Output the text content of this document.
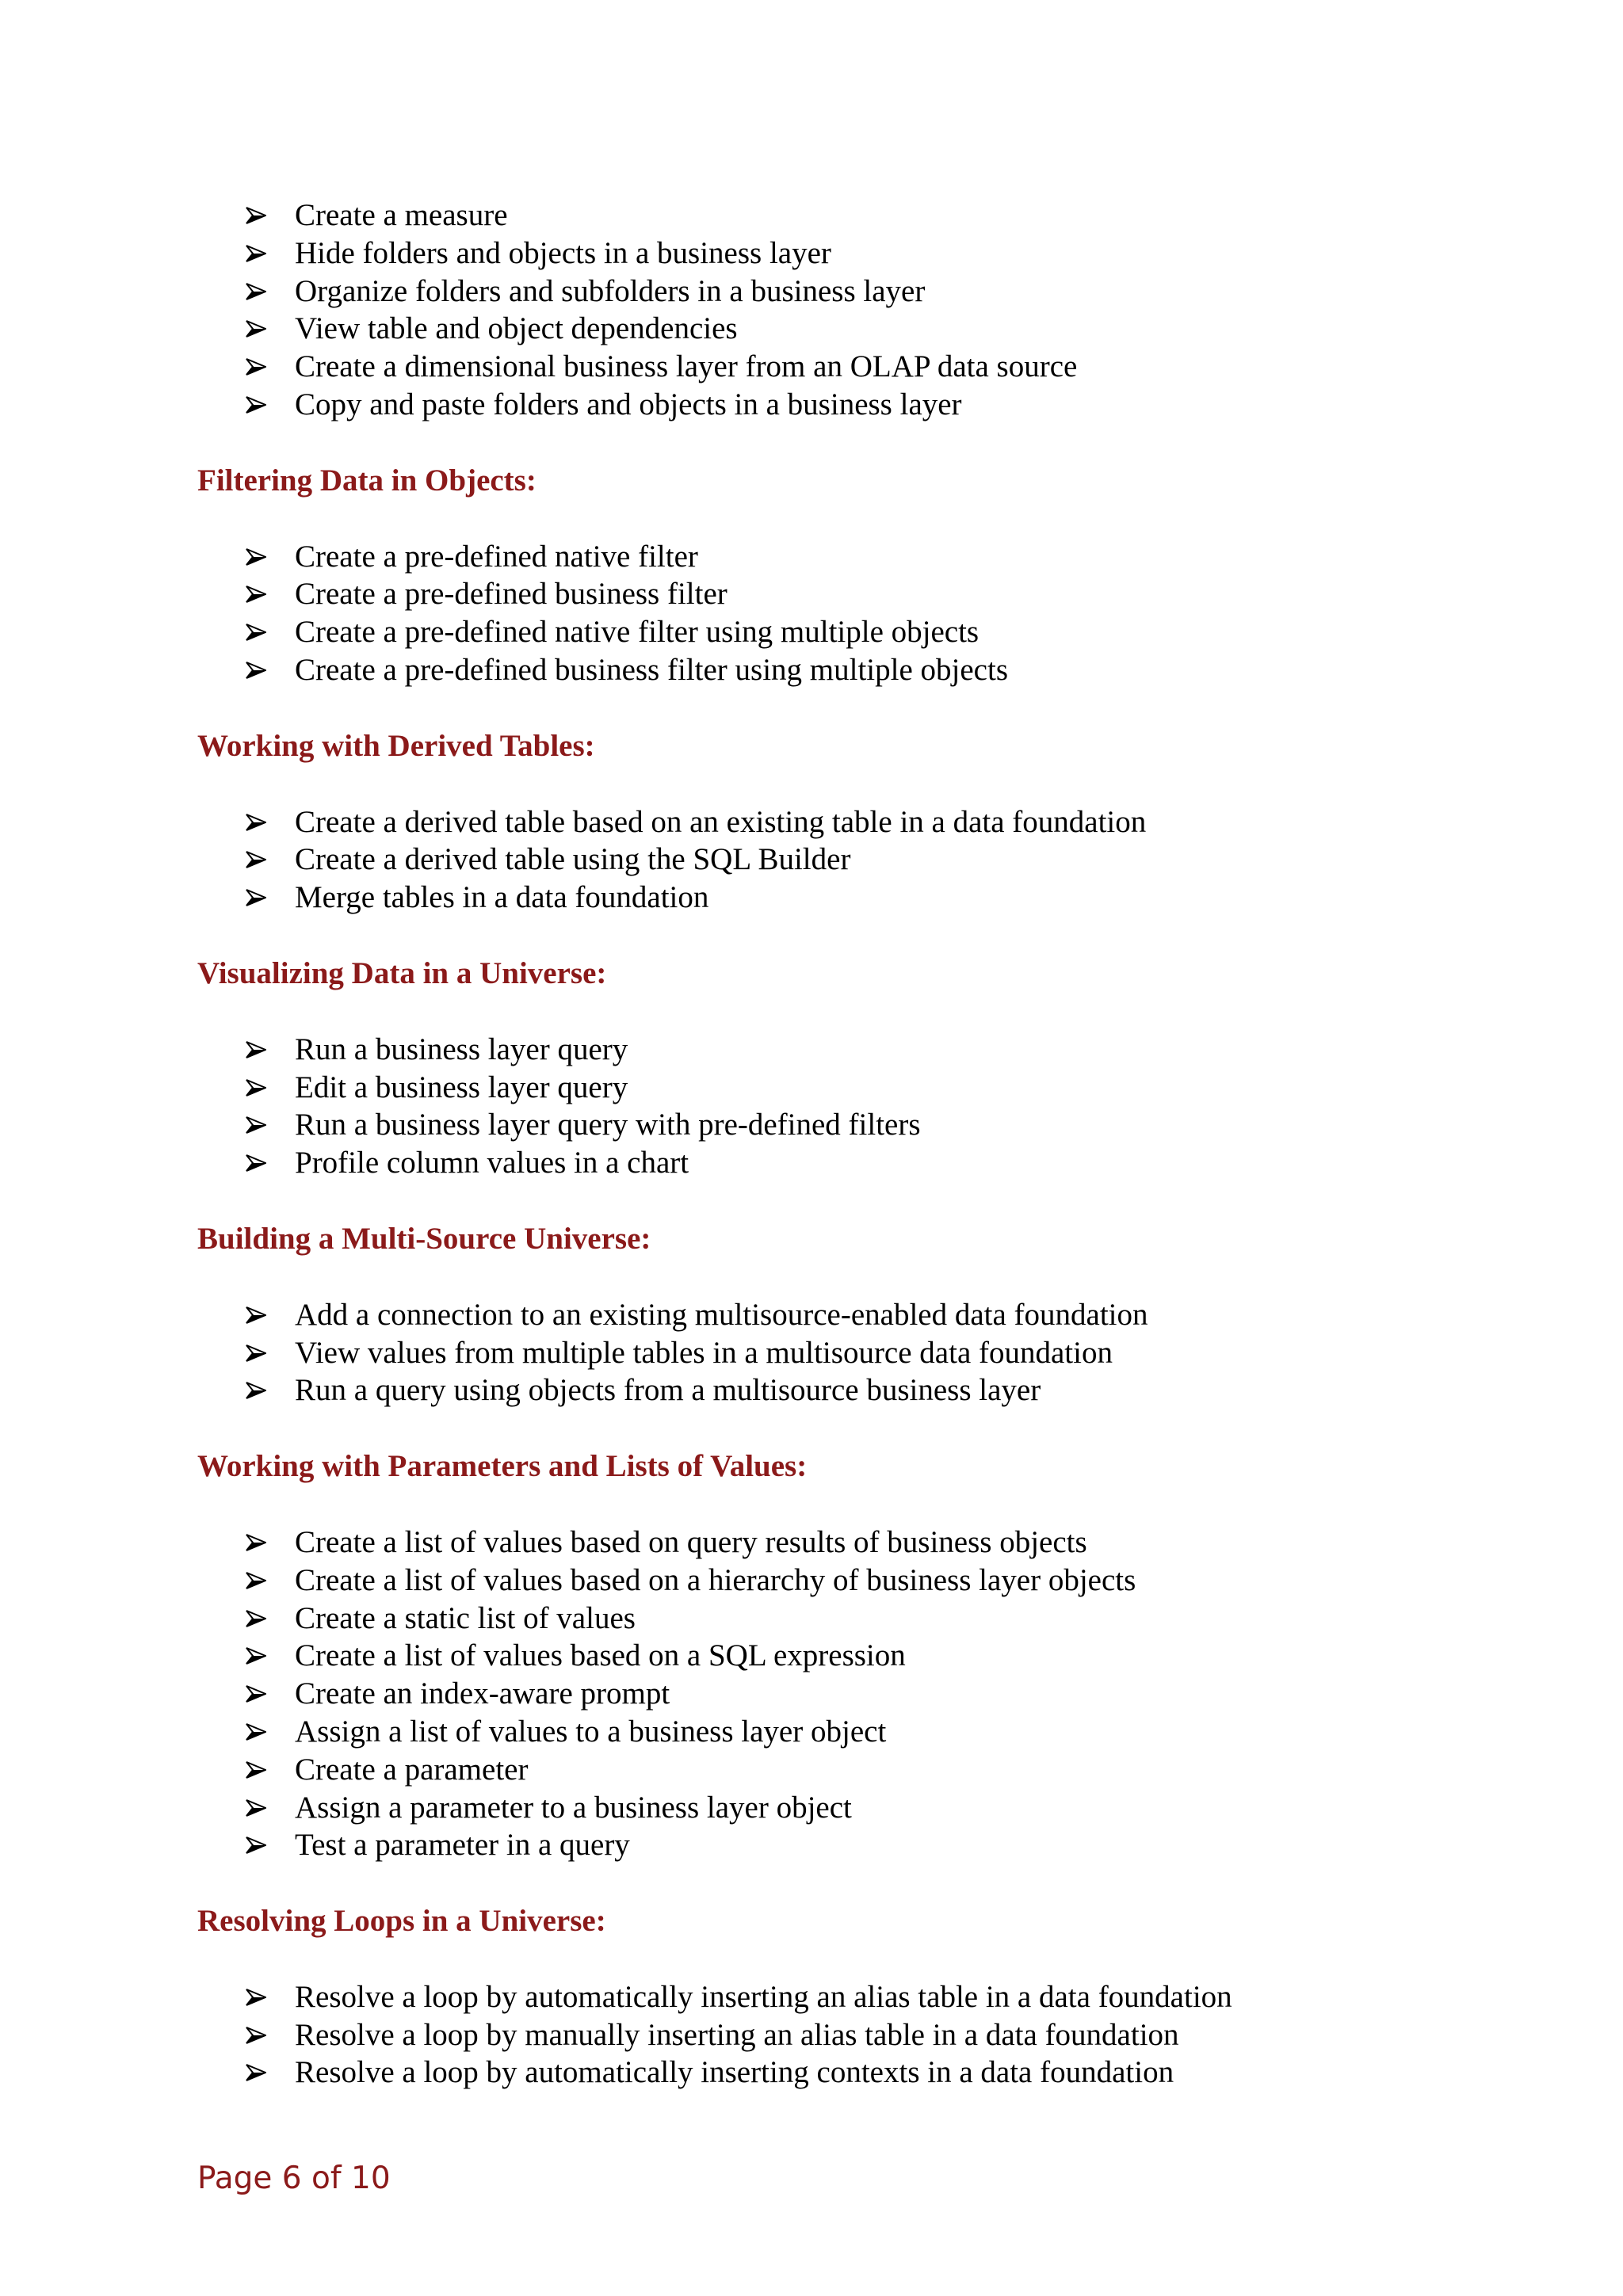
Create a measure
Hide folders and objects in a business layer
Organize folders and subfolders in a business layer
View table and object dependencies
Create a dimensional business layer from an OLAP data source
Copy and paste folders and objects in a business layer
Filtering Data in Objects:
Create a pre-defined native filter
Create a pre-defined business filter
Create a pre-defined native filter using multiple objects
Create a pre-defined business filter using multiple objects
Working with Derived Tables:
Create a derived table based on an existing table in a data foundation
Create a derived table using the SQL Builder
Merge tables in a data foundation
Visualizing Data in a Universe:
Run a business layer query
Edit a business layer query
Run a business layer query with pre-defined filters
Profile column values in a chart
Building a Multi-Source Universe:
Add a connection to an existing multisource-enabled data foundation
View values from multiple tables in a multisource data foundation
Run a query using objects from a multisource business layer
Working with Parameters and Lists of Values:
Create a list of values based on query results of business objects
Create a list of values based on a hierarchy of business layer objects
Create a static list of values
Create a list of values based on a SQL expression
Create an index-aware prompt
Assign a list of values to a business layer object
Create a parameter
Assign a parameter to a business layer object
Test a parameter in a query
Resolving Loops in a Universe:
Resolve a loop by automatically inserting an alias table in a data foundation
Resolve a loop by manually inserting an alias table in a data foundation
Resolve a loop by automatically inserting contexts in a data foundation
Page 6 of 10
